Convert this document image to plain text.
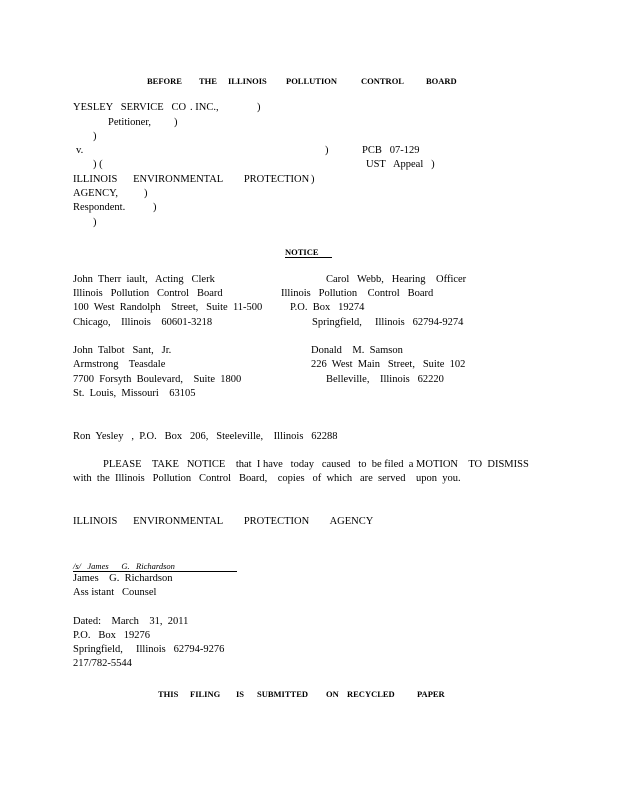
BEFORE THE ILLINOIS POLLUTION	CONTROL	BOARD
YESLEY   SERVICE   CO . INC.,	)
Petitioner, )
)
v.	)	PCB   07-129
) (	UST   Appeal   )
ILLINOIS      ENVIRONMENTAL        PROTECTION )
AGENCY, )
Respondent.	)
)
NOTICE
John  Therr  iault,   Acting   Clerk
Illinois   Pollution   Control   Board
100  West  Randolph    Street,   Suite  11-500
Chicago,    Illinois    60601-3218
John  Talbot   Sant,   Jr.
Armstrong    Teasdale
7700  Forsyth  Boulevard,    Suite  1800
St.  Louis,  Missouri    63105
Carol   Webb,   Hearing    Officer
Illinois   Pollution    Control   Board
P.O.  Box   19274
Springfield,     Illinois   62794-9274
Donald    M.  Samson
226  West  Main   Street,   Suite  102
Belleville,    Illinois   62220
Ron  Yesley   ,  P.O.   Box   206,   Steeleville,    Illinois   62288
PLEASE    TAKE   NOTICE    that  I have   today   caused   to  be filed  a MOTION    TO  DISMISS
with  the  Illinois   Pollution   Control   Board,    copies   of  which   are  served    upon  you.
ILLINOIS      ENVIRONMENTAL        PROTECTION        AGENCY
/s/   James      G.   Richardson
James    G.  Richardson
Ass istant   Counsel
Dated:    March    31,  2011
P.O.   Box   19276
Springfield,     Illinois   62794-9276
217/782-5544
THIS FILING IS SUBMITTED ON RECYCLED	PAPER
